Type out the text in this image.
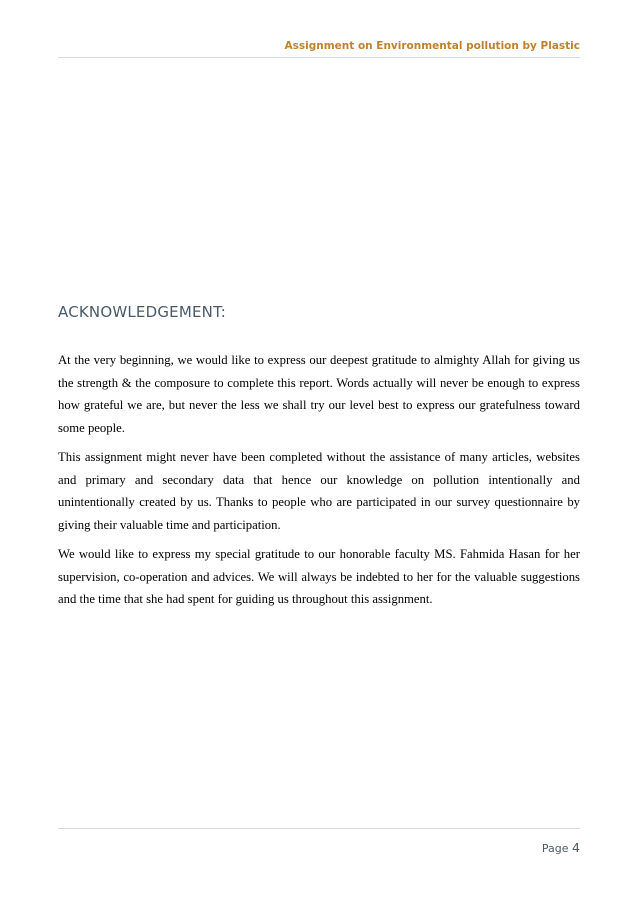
Assignment on Environmental pollution by Plastic
ACKNOWLEDGEMENT:

At the very beginning, we would like to express our deepest gratitude to almighty Allah for giving us the strength & the composure to complete this report. Words actually will never be enough to express how grateful we are, but never the less we shall try our level best to express our gratefulness toward some people.

This assignment might never have been completed without the assistance of many articles, websites and primary and secondary data that hence our knowledge on pollution intentionally and unintentionally created by us. Thanks to people who are participated in our survey questionnaire by giving their valuable time and participation.

We would like to express my special gratitude to our honorable faculty MS. Fahmida Hasan for her supervision, co-operation and advices. We will always be indebted to her for the valuable suggestions and the time that she had spent for guiding us throughout this assignment.

Page 4
